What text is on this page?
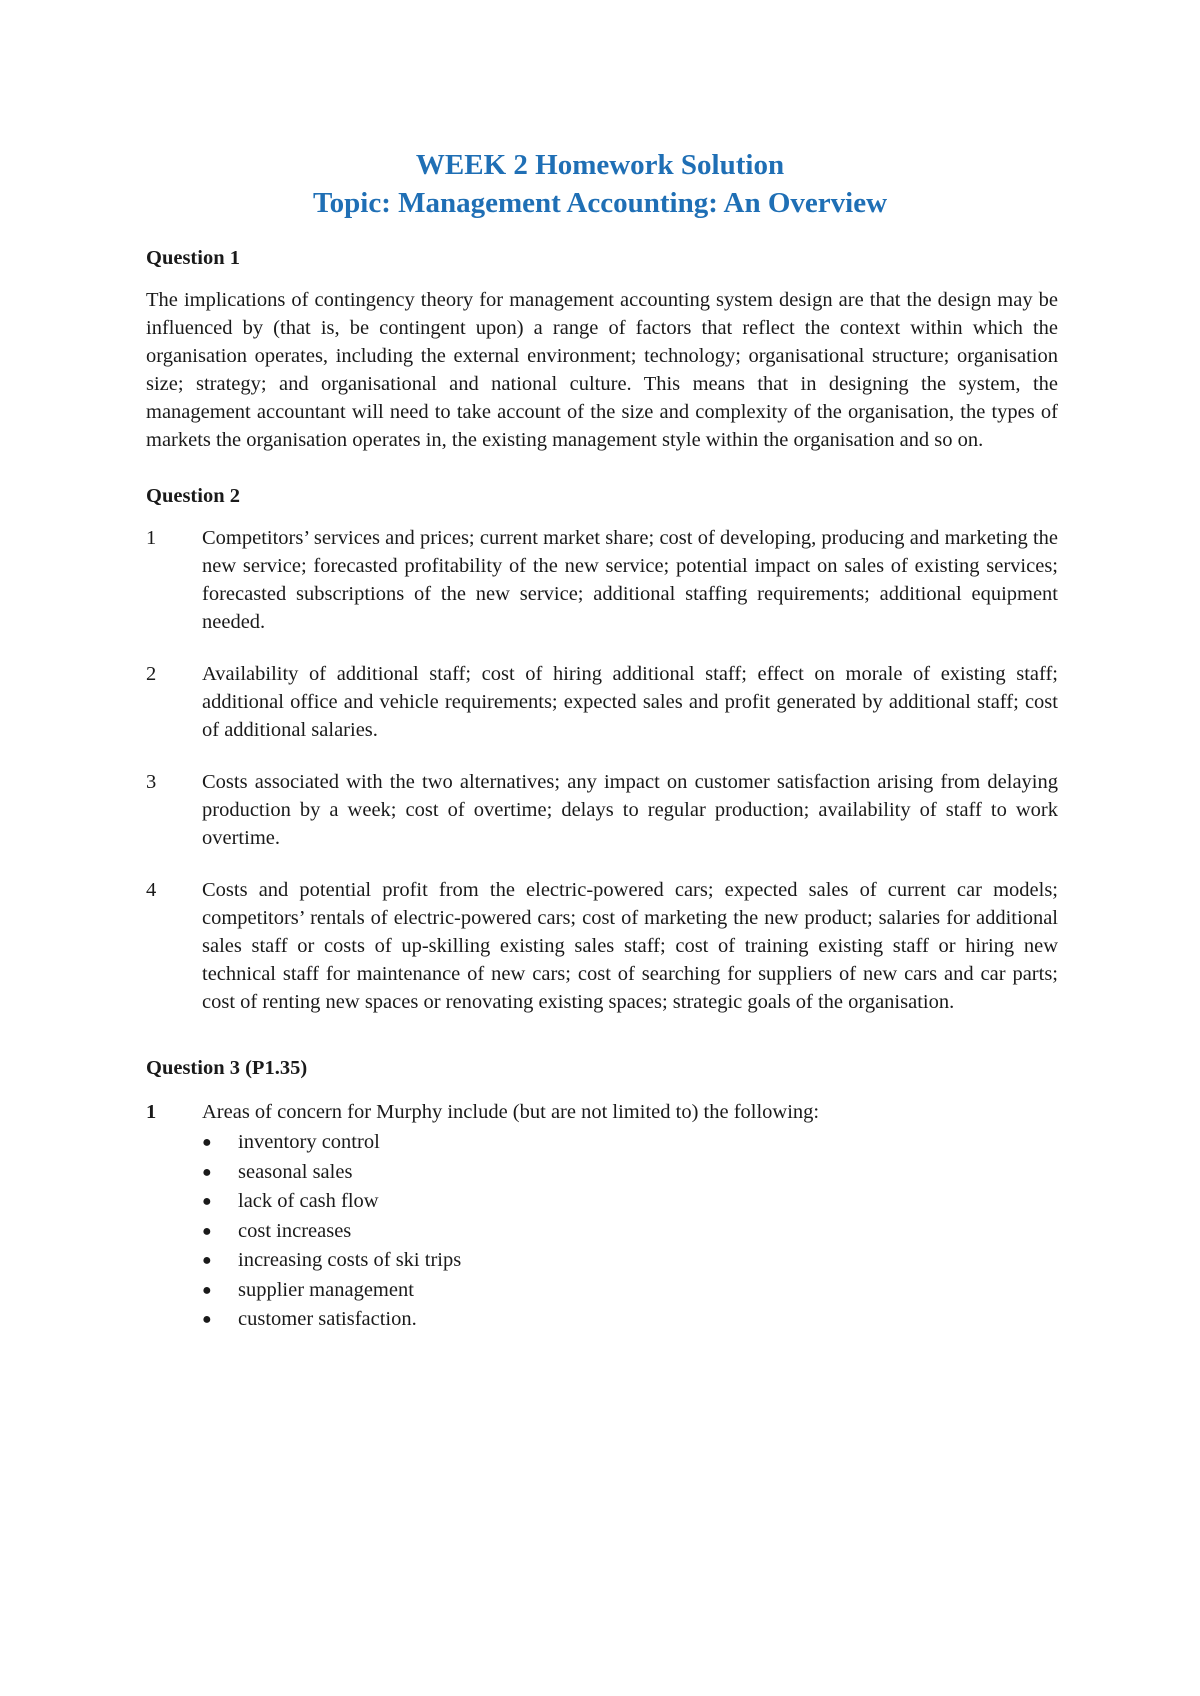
WEEK 2 Homework Solution
Topic: Management Accounting: An Overview

Question 1

The implications of contingency theory for management accounting system design are that the design may be influenced by (that is, be contingent upon) a range of factors that reflect the context within which the organisation operates, including the external environment; technology; organisational structure; organisation size; strategy; and organisational and national culture. This means that in designing the system, the management accountant will need to take account of the size and complexity of the organisation, the types of markets the organisation operates in, the existing management style within the organisation and so on.

Question 2

1	Competitors’ services and prices; current market share; cost of developing, producing and marketing the new service; forecasted profitability of the new service; potential impact on sales of existing services; forecasted subscriptions of the new service; additional staffing requirements; additional equipment needed.
2	Availability of additional staff; cost of hiring additional staff; effect on morale of existing staff; additional office and vehicle requirements; expected sales and profit generated by additional staff; cost of additional salaries.
3	Costs associated with the two alternatives; any impact on customer satisfaction arising from delaying production by a week; cost of overtime; delays to regular production; availability of staff to work overtime.
4	Costs and potential profit from the electric-powered cars; expected sales of current car models; competitors’ rentals of electric-powered cars; cost of marketing the new product; salaries for additional sales staff or costs of up-skilling existing sales staff; cost of training existing staff or hiring new technical staff for maintenance of new cars; cost of searching for suppliers of new cars and car parts; cost of renting new spaces or renovating existing spaces; strategic goals of the organisation.

Question 3 (P1.35)

1	Areas of concern for Murphy include (but are not limited to) the following:
●	inventory control
●	seasonal sales
●	lack of cash flow
●	cost increases
●	increasing costs of ski trips
●	supplier management
●	customer satisfaction.
